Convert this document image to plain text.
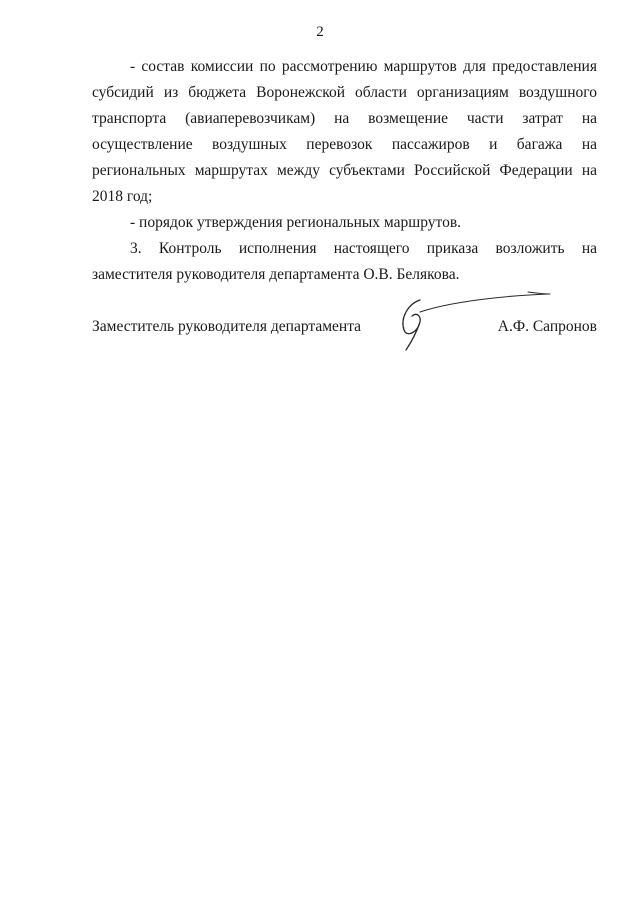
2

- состав комиссии по рассмотрению маршрутов для предоставления субсидий из бюджета Воронежской области организациям воздушного транспорта (авиаперевозчикам) на возмещение части затрат на осуществление воздушных перевозок пассажиров и багажа на региональных маршрутах между субъектами Российской Федерации на 2018 год;

- порядок утверждения региональных маршрутов.

3. Контроль исполнения настоящего приказа возложить на заместителя руководителя департамента О.В. Белякова.

Заместитель руководителя департамента	А.Ф. Сапронов
